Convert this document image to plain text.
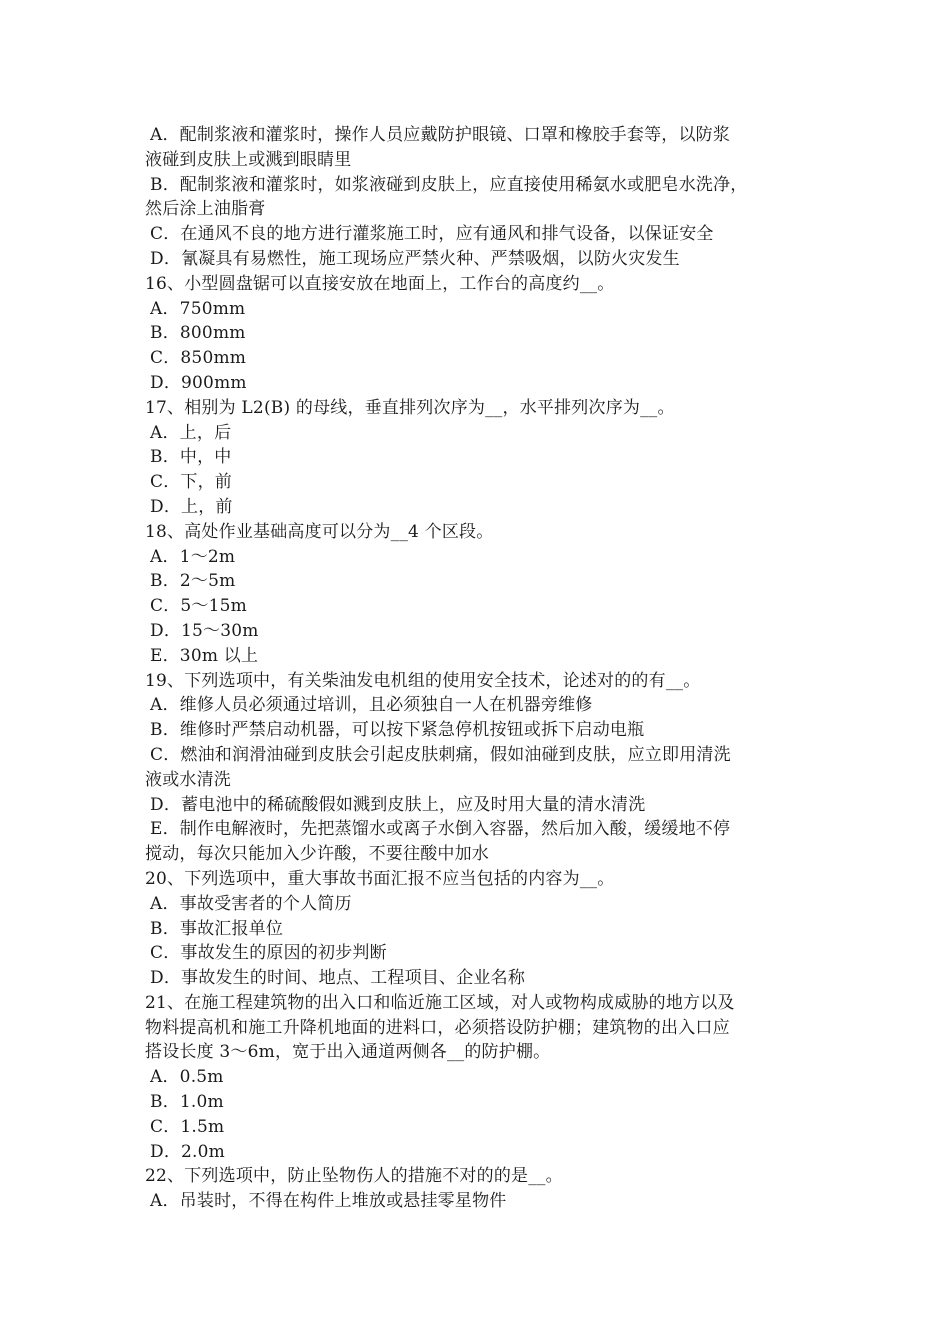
A．配制浆液和灌浆时，操作人员应戴防护眼镜、口罩和橡胶手套等，以防浆
液碰到皮肤上或溅到眼睛里
B．配制浆液和灌浆时，如浆液碰到皮肤上，应直接使用稀氨水或肥皂水洗净，
然后涂上油脂膏
C．在通风不良的地方进行灌浆施工时，应有通风和排气设备，以保证安全
D．氰凝具有易燃性，施工现场应严禁火种、严禁吸烟，以防火灾发生
16、小型圆盘锯可以直接安放在地面上，工作台的高度约__。
A．750mm
B．800mm
C．850mm
D．900mm
17、相别为 L2(B) 的母线，垂直排列次序为__，水平排列次序为__。
A．上，后
B．中，中
C．下，前
D．上，前
18、高处作业基础高度可以分为__4 个区段。
A．1～2m
B．2～5m
C．5～15m
D．15～30m
E．30m 以上
19、下列选项中，有关柴油发电机组的使用安全技术，论述对的的有__。
A．维修人员必须通过培训，且必须独自一人在机器旁维修
B．维修时严禁启动机器，可以按下紧急停机按钮或拆下启动电瓶
C．燃油和润滑油碰到皮肤会引起皮肤刺痛，假如油碰到皮肤，应立即用清洗
液或水清洗
D．蓄电池中的稀硫酸假如溅到皮肤上，应及时用大量的清水清洗
E．制作电解液时，先把蒸馏水或离子水倒入容器，然后加入酸，缓缓地不停
搅动，每次只能加入少许酸，不要往酸中加水
20、下列选项中，重大事故书面汇报不应当包括的内容为__。
A．事故受害者的个人简历
B．事故汇报单位
C．事故发生的原因的初步判断
D．事故发生的时间、地点、工程项目、企业名称
21、在施工程建筑物的出入口和临近施工区域，对人或物构成威胁的地方以及
物料提高机和施工升降机地面的进料口，必须搭设防护棚；建筑物的出入口应
搭设长度 3～6m，宽于出入通道两侧各__的防护棚。
A．0.5m
B．1.0m
C．1.5m
D．2.0m
22、下列选项中，防止坠物伤人的措施不对的的是__。
A．吊装时，不得在构件上堆放或悬挂零星物件
